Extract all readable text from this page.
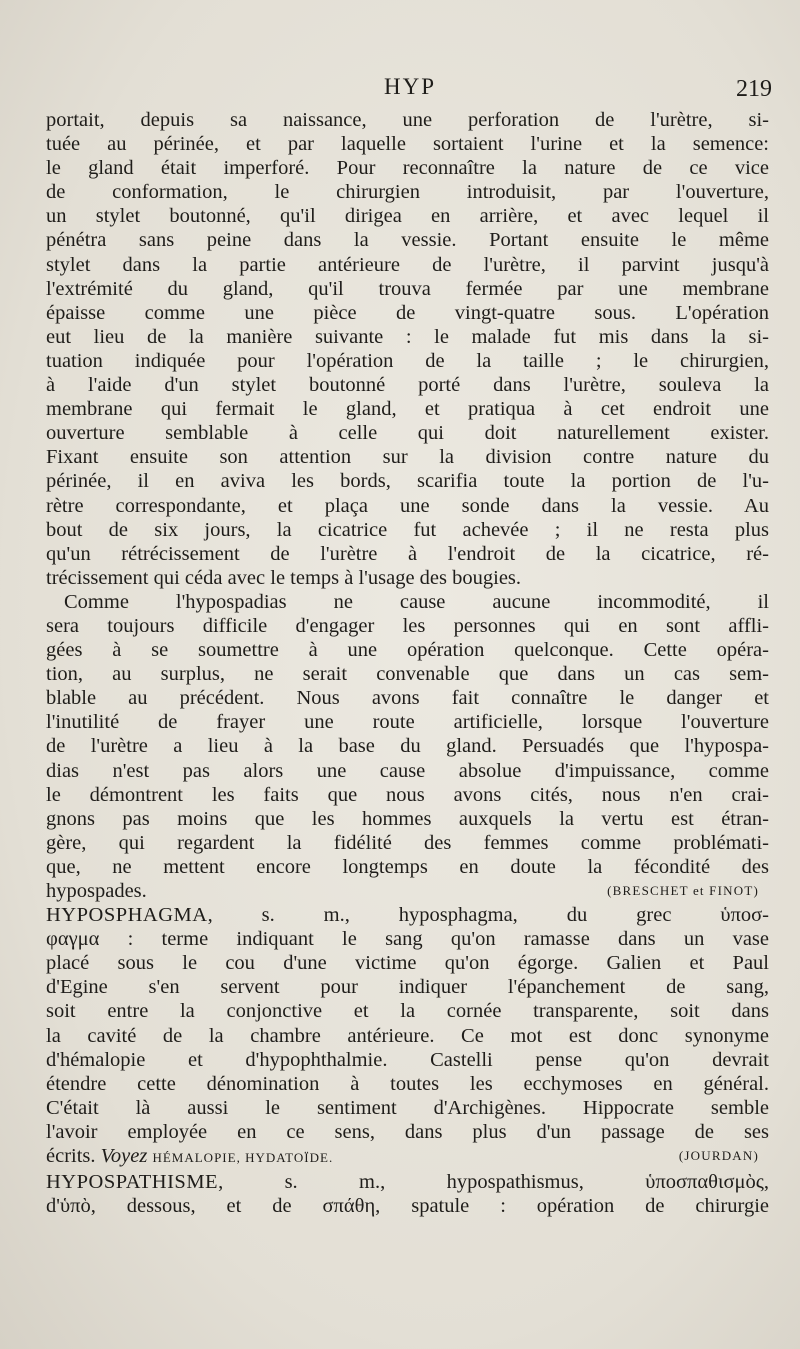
HYP	219
portait, depuis sa naissance, une perforation de l'urètre, si-
tuée au périnée, et par laquelle sortaient l'urine et la semence:
le gland était imperforé. Pour reconnaître la nature de ce vice
de conformation, le chirurgien introduisit, par l'ouverture,
un stylet boutonné, qu'il dirigea en arrière, et avec lequel il
pénétra sans peine dans la vessie. Portant ensuite le même
stylet dans la partie antérieure de l'urètre, il parvint jusqu'à
l'extrémité du gland, qu'il trouva fermée par une membrane
épaisse comme une pièce de vingt-quatre sous. L'opération
eut lieu de la manière suivante : le malade fut mis dans la si-
tuation indiquée pour l'opération de la taille ; le chirurgien,
à l'aide d'un stylet boutonné porté dans l'urètre, souleva la
membrane qui fermait le gland, et pratiqua à cet endroit une
ouverture semblable à celle qui doit naturellement exister.
Fixant ensuite son attention sur la division contre nature du
périnée, il en aviva les bords, scarifia toute la portion de l'u-
rètre correspondante, et plaça une sonde dans la vessie. Au
bout de six jours, la cicatrice fut achevée ; il ne resta plus
qu'un rétrécissement de l'urètre à l'endroit de la cicatrice, ré-
trécissement qui céda avec le temps à l'usage des bougies.
Comme l'hypospadias ne cause aucune incommodité, il
sera toujours difficile d'engager les personnes qui en sont affli-
gées à se soumettre à une opération quelconque. Cette opéra-
tion, au surplus, ne serait convenable que dans un cas sem-
blable au précédent. Nous avons fait connaître le danger et
l'inutilité de frayer une route artificielle, lorsque l'ouverture
de l'urètre a lieu à la base du gland. Persuadés que l'hypospa-
dias n'est pas alors une cause absolue d'impuissance, comme
le démontrent les faits que nous avons cités, nous n'en crai-
gnons pas moins que les hommes auxquels la vertu est étran-
gère, qui regardent la fidélité des femmes comme problémati-
que, ne mettent encore longtemps en doute la fécondité des
hypospades.	(BRESCHET et FINOT)
HYPOSPHAGMA, s. m., hyposphagma, du grec ὑποσ-
φαγμα : terme indiquant le sang qu'on ramasse dans un vase
placé sous le cou d'une victime qu'on égorge. Galien et Paul
d'Egine s'en servent pour indiquer l'épanchement de sang,
soit entre la conjonctive et la cornée transparente, soit dans
la cavité de la chambre antérieure. Ce mot est donc synonyme
d'hémalopie et d'hypophthalmie. Castelli pense qu'on devrait
étendre cette dénomination à toutes les ecchymoses en général.
C'était là aussi le sentiment d'Archigènes. Hippocrate semble
l'avoir employée en ce sens, dans plus d'un passage de ses
écrits. Voyez HÉMALOPIE, HYDATOÏDE.	(JOURDAN)
HYPOSPATHISME, s. m., hypospathismus, ὑποσπαθισμὸς,
d'ὑπὸ, dessous, et de σπάθη, spatule : opération de chirurgie
